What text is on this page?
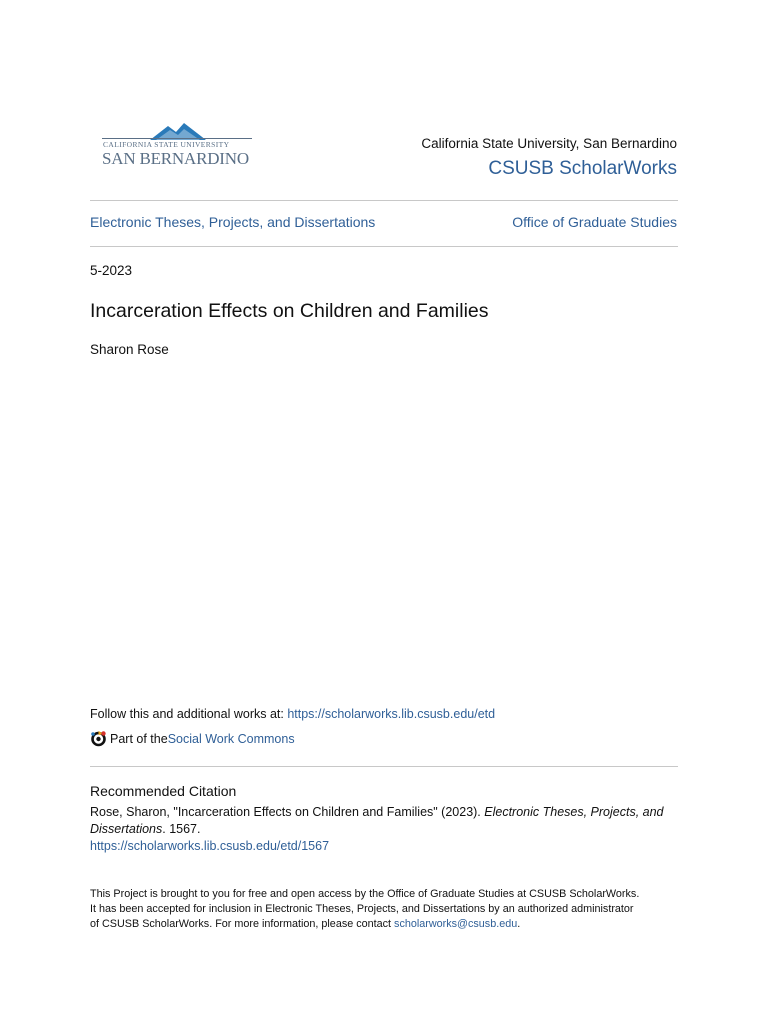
CALIFORNIA STATE UNIVERSITY
SAN BERNARDINO
California State University, San Bernardino
CSUSB ScholarWorks
Electronic Theses, Projects, and Dissertations	Office of Graduate Studies
5-2023
Incarceration Effects on Children and Families
Sharon Rose
Follow this and additional works at: https://scholarworks.lib.csusb.edu/etd
Part of the Social Work Commons
Recommended Citation
Rose, Sharon, "Incarceration Effects on Children and Families" (2023). Electronic Theses, Projects, and Dissertations. 1567.
https://scholarworks.lib.csusb.edu/etd/1567
This Project is brought to you for free and open access by the Office of Graduate Studies at CSUSB ScholarWorks.
It has been accepted for inclusion in Electronic Theses, Projects, and Dissertations by an authorized administrator
of CSUSB ScholarWorks. For more information, please contact scholarworks@csusb.edu.
